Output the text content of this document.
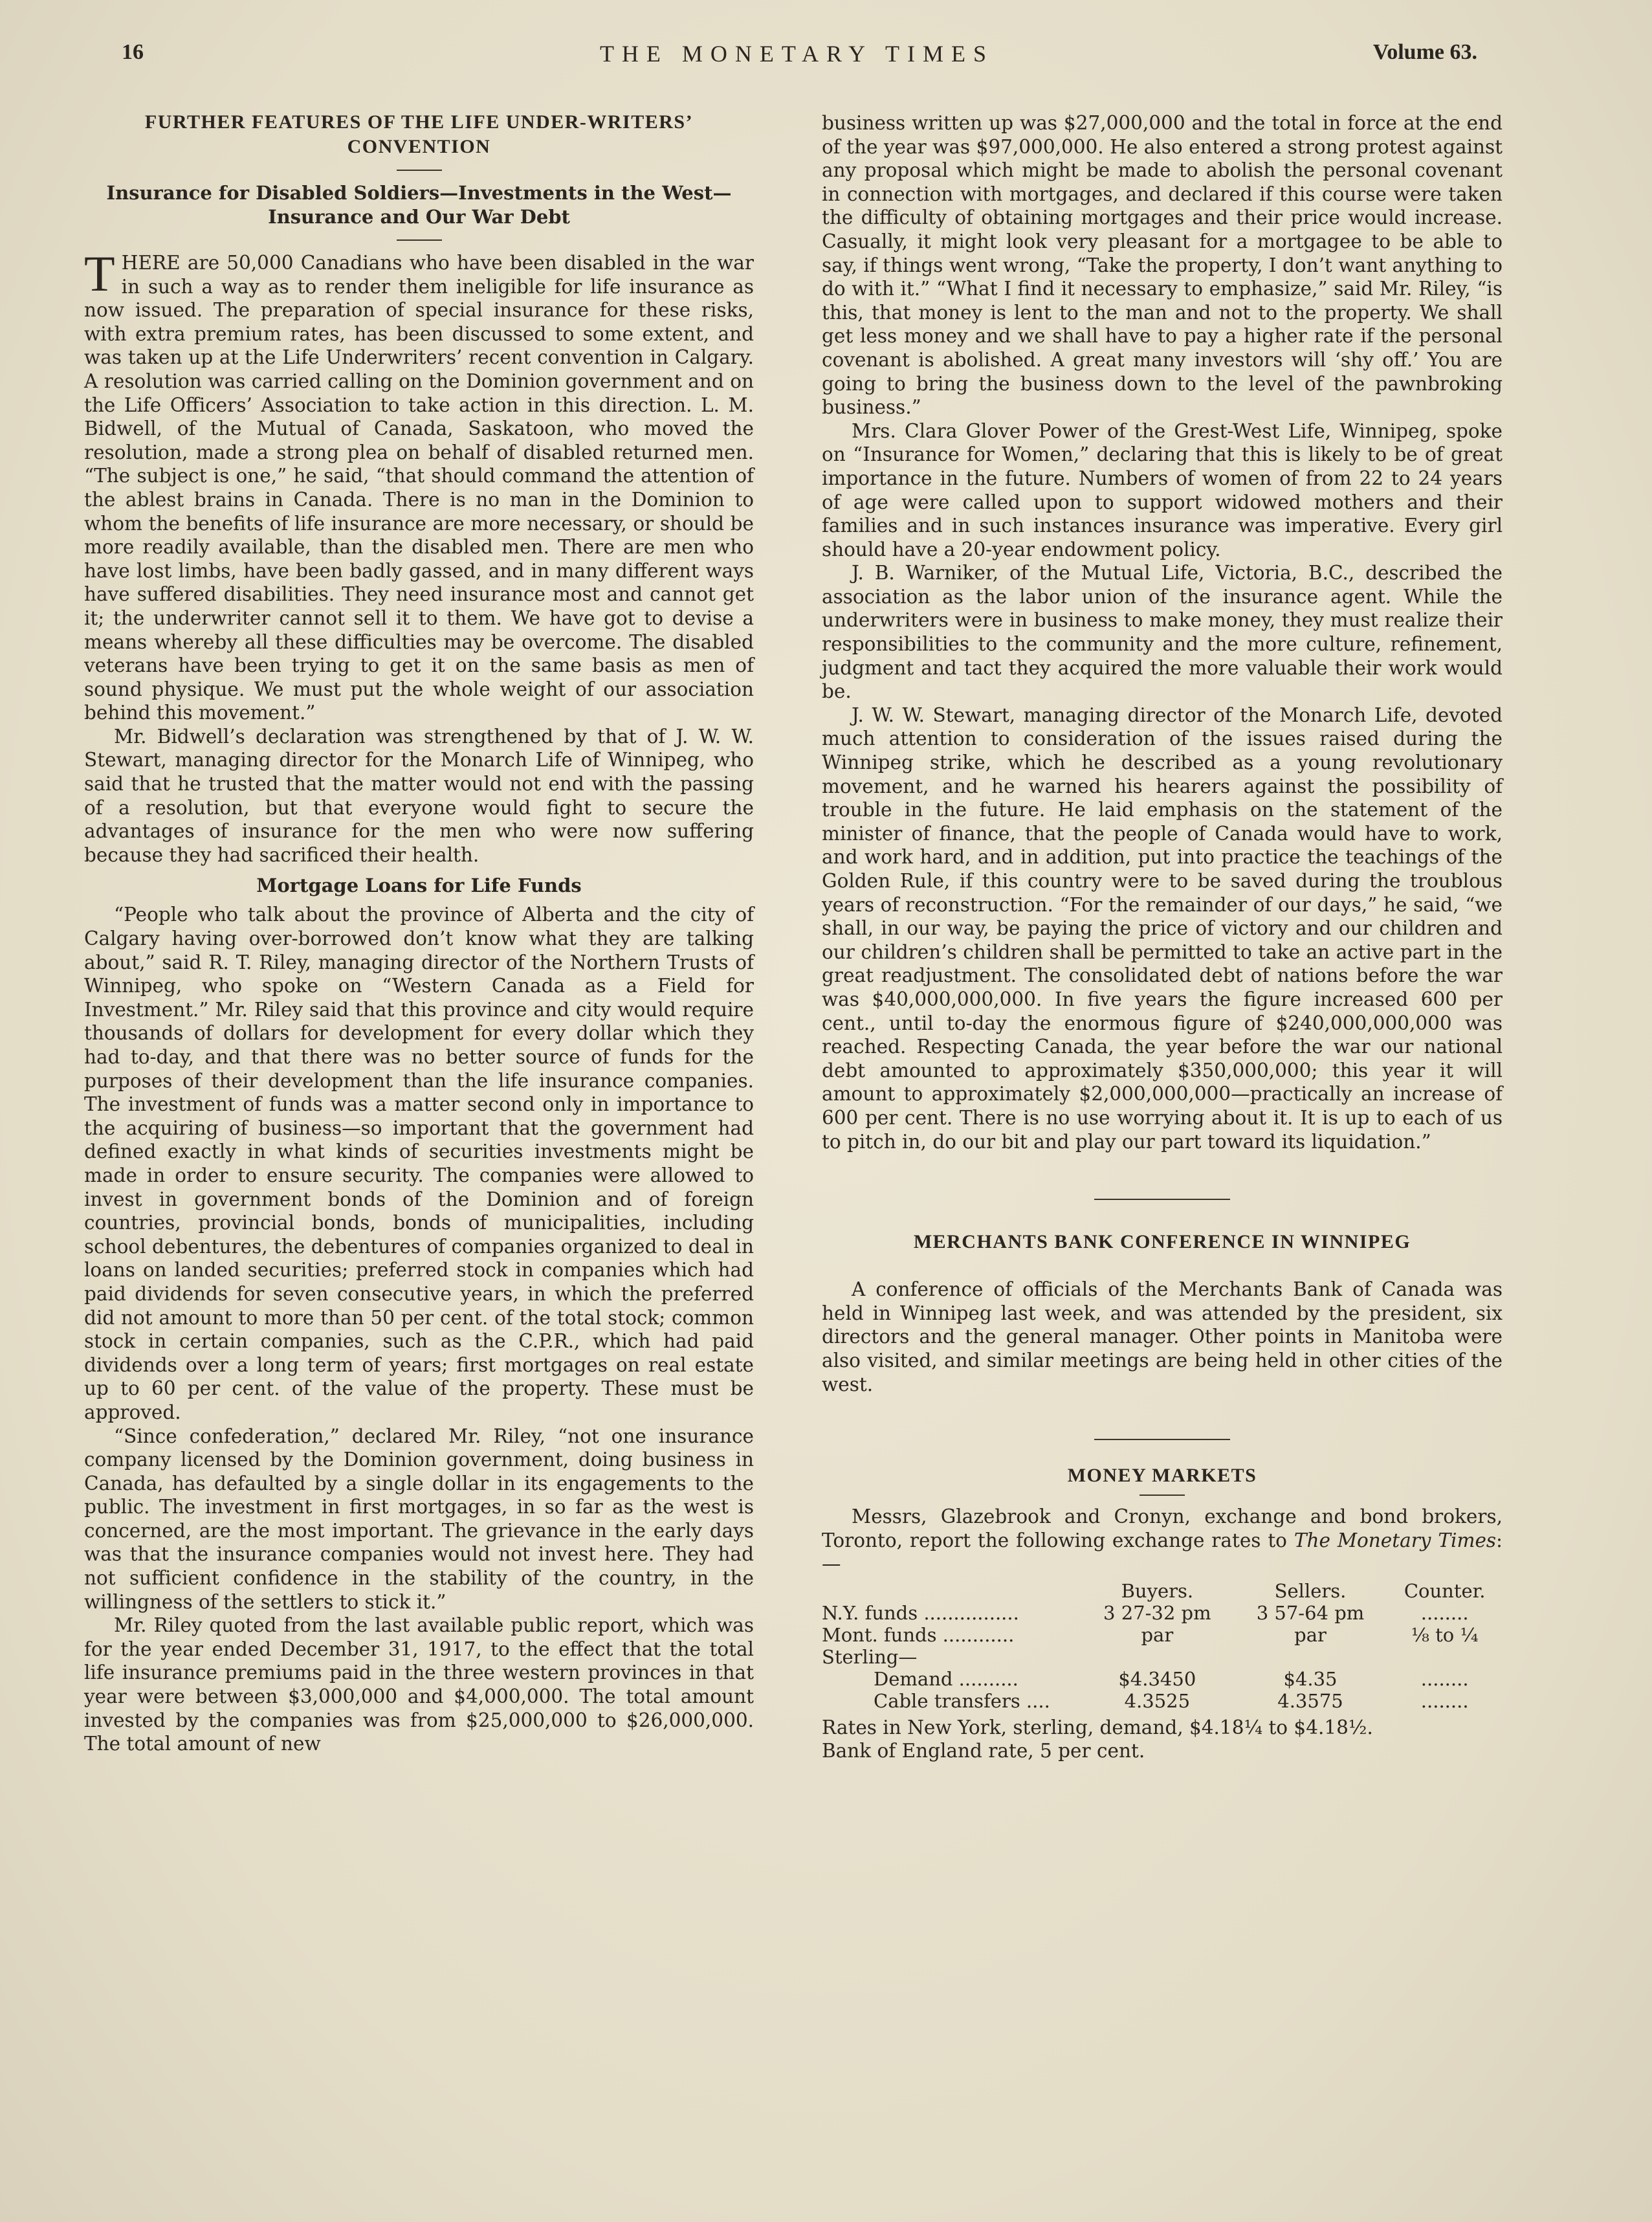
16	THE MONETARY TIMES	Volume 63.
FURTHER FEATURES OF THE LIFE UNDER-WRITERS’ CONVENTION
Insurance for Disabled Soldiers—Investments in the West—Insurance and Our War Debt

THERE are 50,000 Canadians who have been disabled in the war in such a way as to render them ineligible for life insurance as now issued. The preparation of special insurance for these risks, with extra premium rates, has been discussed to some extent, and was taken up at the Life Underwriters’ recent convention in Calgary. A resolution was carried calling on the Dominion government and on the Life Officers’ Association to take action in this direction. L. M. Bidwell, of the Mutual of Canada, Saskatoon, who moved the resolution, made a strong plea on behalf of disabled returned men. “The subject is one,” he said, “that should command the attention of the ablest brains in Canada. There is no man in the Dominion to whom the benefits of life insurance are more necessary, or should be more readily available, than the disabled men. There are men who have lost limbs, have been badly gassed, and in many different ways have suffered disabilities. They need insurance most and cannot get it; the underwriter cannot sell it to them. We have got to devise a means whereby all these difficulties may be overcome. The disabled veterans have been trying to get it on the same basis as men of sound physique. We must put the whole weight of our association behind this movement.”

Mr. Bidwell’s declaration was strengthened by that of J. W. W. Stewart, managing director for the Monarch Life of Winnipeg, who said that he trusted that the matter would not end with the passing of a resolution, but that everyone would fight to secure the advantages of insurance for the men who were now suffering because they had sacrificed their health.

Mortgage Loans for Life Funds

“People who talk about the province of Alberta and the city of Calgary having over-borrowed don’t know what they are talking about,” said R. T. Riley, managing director of the Northern Trusts of Winnipeg, who spoke on “Western Canada as a Field for Investment.” Mr. Riley said that this province and city would require thousands of dollars for development for every dollar which they had to-day, and that there was no better source of funds for the purposes of their development than the life insurance companies. The investment of funds was a matter second only in importance to the acquiring of business—so important that the government had defined exactly in what kinds of securities investments might be made in order to ensure security. The companies were allowed to invest in government bonds of the Dominion and of foreign countries, provincial bonds, bonds of municipalities, including school debentures, the debentures of companies organized to deal in loans on landed securities; preferred stock in companies which had paid dividends for seven consecutive years, in which the preferred did not amount to more than 50 per cent. of the total stock; common stock in certain companies, such as the C.P.R., which had paid dividends over a long term of years; first mortgages on real estate up to 60 per cent. of the value of the property. These must be approved.

“Since confederation,” declared Mr. Riley, “not one insurance company licensed by the Dominion government, doing business in Canada, has defaulted by a single dollar in its engagements to the public. The investment in first mortgages, in so far as the west is concerned, are the most important. The grievance in the early days was that the insurance companies would not invest here. They had not sufficient confidence in the stability of the country, in the willingness of the settlers to stick it.”

Mr. Riley quoted from the last available public report, which was for the year ended December 31, 1917, to the effect that the total life insurance premiums paid in the three western provinces in that year were between $3,000,000 and $4,000,000. The total amount invested by the companies was from $25,000,000 to $26,000,000. The total amount of new

business written up was $27,000,000 and the total in force at the end of the year was $97,000,000. He also entered a strong protest against any proposal which might be made to abolish the personal covenant in connection with mortgages, and declared if this course were taken the difficulty of obtaining mortgages and their price would increase. Casually, it might look very pleasant for a mortgagee to be able to say, if things went wrong, “Take the property, I don’t want anything to do with it.” “What I find it necessary to emphasize,” said Mr. Riley, “is this, that money is lent to the man and not to the property. We shall get less money and we shall have to pay a higher rate if the personal covenant is abolished. A great many investors will ‘shy off.’ You are going to bring the business down to the level of the pawnbroking business.”

Mrs. Clara Glover Power of the Grest-West Life, Winnipeg, spoke on “Insurance for Women,” declaring that this is likely to be of great importance in the future. Numbers of women of from 22 to 24 years of age were called upon to support widowed mothers and their families and in such instances insurance was imperative. Every girl should have a 20-year endowment policy.

J. B. Warniker, of the Mutual Life, Victoria, B.C., described the association as the labor union of the insurance agent. While the underwriters were in business to make money, they must realize their responsibilities to the community and the more culture, refinement, judgment and tact they acquired the more valuable their work would be.

J. W. W. Stewart, managing director of the Monarch Life, devoted much attention to consideration of the issues raised during the Winnipeg strike, which he described as a young revolutionary movement, and he warned his hearers against the possibility of trouble in the future. He laid emphasis on the statement of the minister of finance, that the people of Canada would have to work, and work hard, and in addition, put into practice the teachings of the Golden Rule, if this country were to be saved during the troublous years of reconstruction. “For the remainder of our days,” he said, “we shall, in our way, be paying the price of victory and our children and our children’s children shall be permitted to take an active part in the great readjustment. The consolidated debt of nations before the war was $40,000,000,000. In five years the figure increased 600 per cent., until to-day the enormous figure of $240,000,000,000 was reached. Respecting Canada, the year before the war our national debt amounted to approximately $350,000,000; this year it will amount to approximately $2,000,000,000—practically an increase of 600 per cent. There is no use worrying about it. It is up to each of us to pitch in, do our bit and play our part toward its liquidation.”

MERCHANTS BANK CONFERENCE IN WINNIPEG

A conference of officials of the Merchants Bank of Canada was held in Winnipeg last week, and was attended by the president, six directors and the general manager. Other points in Manitoba were also visited, and similar meetings are being held in other cities of the west.

MONEY MARKETS

Messrs, Glazebrook and Cronyn, exchange and bond brokers, Toronto, report the following exchange rates to The Monetary Times:—

	Buyers.	Sellers.	Counter.
N.Y. funds ................	3 27-32 pm	3 57-64 pm	........
Mont. funds ............	par	par	⅛ to ¼
Sterling—			
Demand ..........	$4.3450	$4.35	........
Cable transfers ....	4.3525	4.3575	........

Rates in New York, sterling, demand, $4.18¼ to $4.18½.

Bank of England rate, 5 per cent.
